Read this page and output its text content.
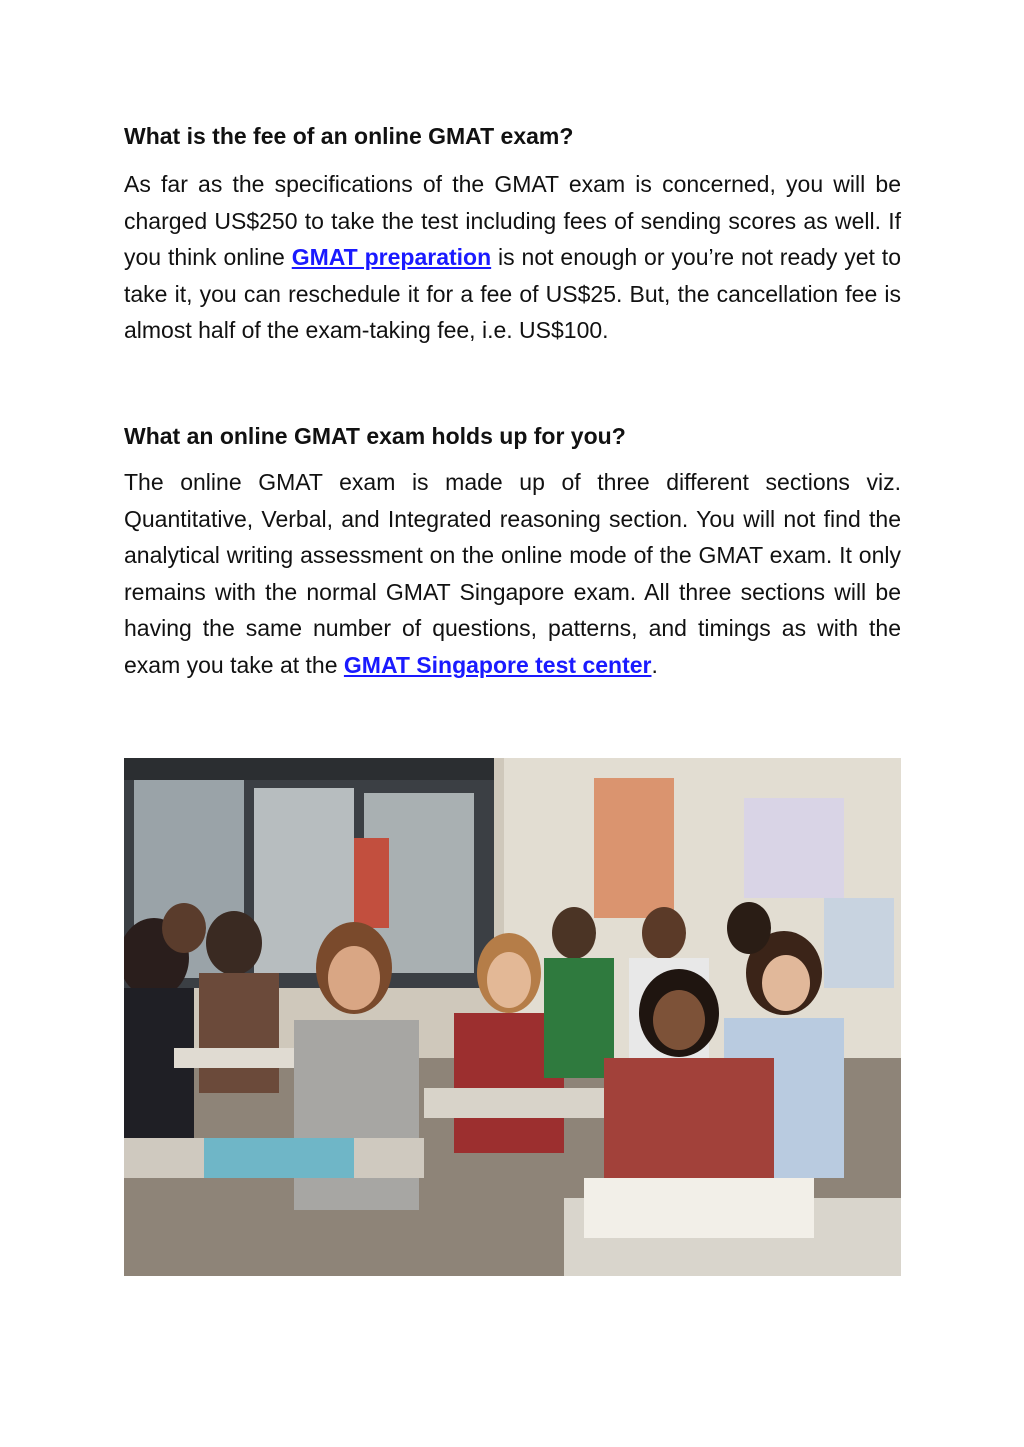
What is the fee of an online GMAT exam?

As far as the specifications of the GMAT exam is concerned, you will be charged US$250 to take the test including fees of sending scores as well. If you think online GMAT preparation is not enough or you’re not ready yet to take it, you can reschedule it for a fee of US$25. But, the cancellation fee is almost half of the exam-taking fee, i.e. US$100.

What an online GMAT exam holds up for you?

The online GMAT exam is made up of three different sections viz. Quantitative, Verbal, and Integrated reasoning section. You will not find the analytical writing assessment on the online mode of the GMAT exam. It only remains with the normal GMAT Singapore exam. All three sections will be having the same number of questions, patterns, and timings as with the exam you take at the GMAT Singapore test center.
